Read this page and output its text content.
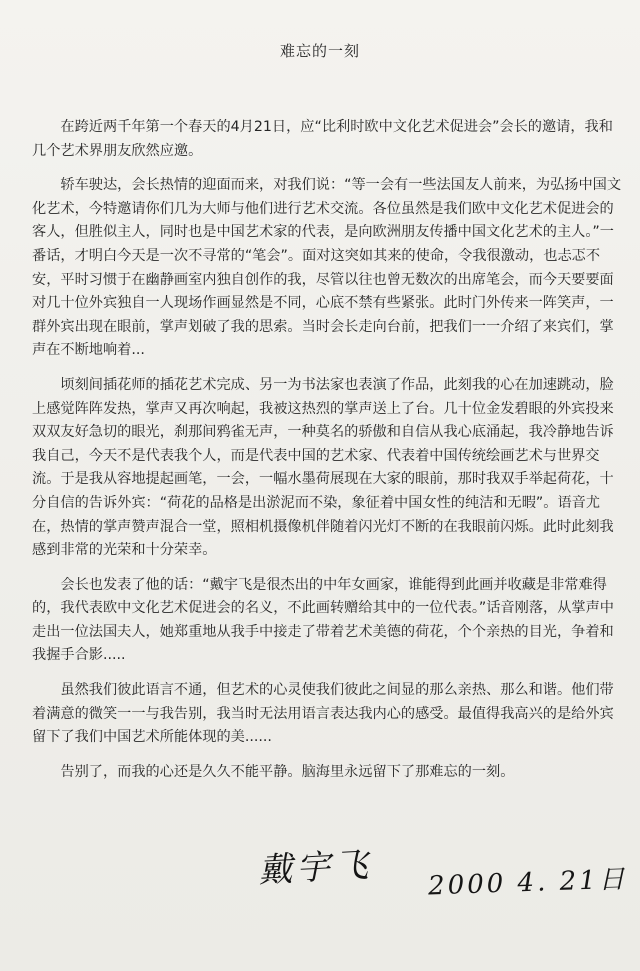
难忘的一刻

在跨近两千年第一个春天的4月21日，应“比利时欧中文化艺术促进会”会长的邀请，我和几个艺术界朋友欣然应邀。

轿车驶达，会长热情的迎面而来，对我们说：“等一会有一些法国友人前来，为弘扬中国文化艺术，今特邀请你们几为大师与他们进行艺术交流。各位虽然是我们欧中文化艺术促进会的客人，但胜似主人，同时也是中国艺术家的代表，是向欧洲朋友传播中国文化艺术的主人。”一番话，才明白今天是一次不寻常的“笔会”。面对这突如其来的使命，令我很激动，也忐忑不安，平时习惯于在幽静画室内独自创作的我，尽管以往也曾无数次的出席笔会，而今天要要面对几十位外宾独自一人现场作画显然是不同，心底不禁有些紧张。此时门外传来一阵笑声，一群外宾出现在眼前，掌声划破了我的思索。当时会长走向台前，把我们一一介绍了来宾们，掌声在不断地响着...

顷刻间插花师的插花艺术完成、另一为书法家也表演了作品，此刻我的心在加速跳动，脸上感觉阵阵发热，掌声又再次响起，我被这热烈的掌声送上了台。几十位金发碧眼的外宾投来双双友好急切的眼光，刹那间鸦雀无声，一种莫名的骄傲和自信从我心底涌起，我冷静地告诉我自己，今天不是代表我个人，而是代表中国的艺术家、代表着中国传统绘画艺术与世界交流。于是我从容地提起画笔，一会，一幅水墨荷展现在大家的眼前，那时我双手举起荷花，十分自信的告诉外宾：“荷花的品格是出淤泥而不染，象征着中国女性的纯洁和无暇”。语音尤在，热情的掌声赞声混合一堂，照相机摄像机伴随着闪光灯不断的在我眼前闪烁。此时此刻我感到非常的光荣和十分荣幸。

会长也发表了他的话：“戴宇飞是很杰出的中年女画家，谁能得到此画并收藏是非常难得的，我代表欧中文化艺术促进会的名义，不此画转赠给其中的一位代表。”话音刚落，从掌声中走出一位法国夫人，她郑重地从我手中接走了带着艺术美德的荷花，个个亲热的目光，争着和我握手合影.....

虽然我们彼此语言不通，但艺术的心灵使我们彼此之间显的那么亲热、那么和谐。他们带着满意的微笑一一与我告别，我当时无法用语言表达我内心的感受。最值得我高兴的是给外宾留下了我们中国艺术所能体现的美......

告别了，而我的心还是久久不能平静。脑海里永远留下了那难忘的一刻。

戴宇飞 2000 4. 21日
